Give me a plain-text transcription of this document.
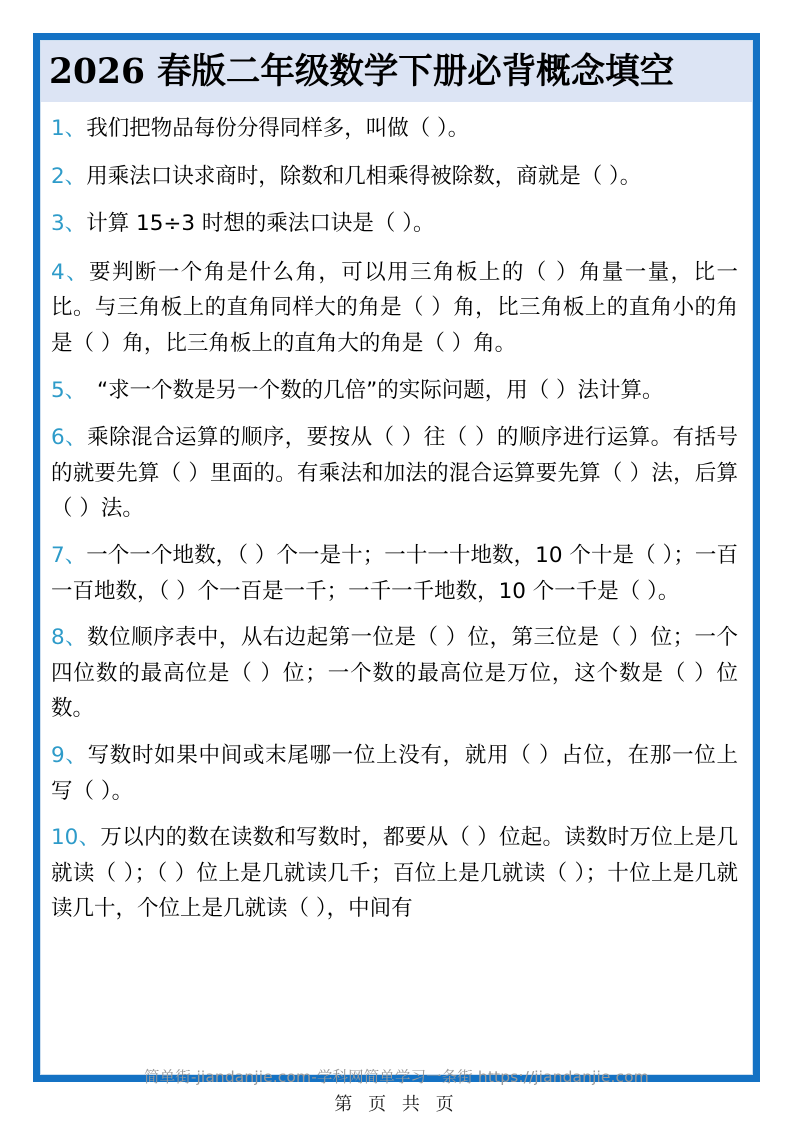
2026 春版二年级数学下册必背概念填空

1、我们把物品每份分得同样多，叫做（ ）。

2、用乘法口诀求商时，除数和几相乘得被除数，商就是（ ）。

3、计算 15÷3 时想的乘法口诀是（ ）。

4、要判断一个角是什么角，可以用三角板上的（ ）角量一量，比一比。与三角板上的直角同样大的角是（ ）角，比三角板上的直角小的角是（ ）角，比三角板上的直角大的角是（ ）角。

5、　“求一个数是另一个数的几倍”的实际问题，用（ ）法计算。

6、乘除混合运算的顺序，要按从（ ）往（ ）的顺序进行运算。有括号的就要先算（ ）里面的。有乘法和加法的混合运算要先算（ ）法，后算（ ）法。

7、一个一个地数，（ ）个一是十；一十一十地数，10 个十是（ ）；一百一百地数，（ ）个一百是一千；一千一千地数，10 个一千是（ ）。

8、数位顺序表中，从右边起第一位是（ ）位，第三位是（ ）位；一个四位数的最高位是（ ）位；一个数的最高位是万位，这个数是（ ）位数。

9、写数时如果中间或末尾哪一位上没有，就用（ ）占位，在那一位上写（ ）。

10、万以内的数在读数和写数时，都要从（ ）位起。读数时万位上是几就读（ ）；（ ）位上是几就读几千；百位上是几就读（ ）；十位上是几就读几十，个位上是几就读（ ），中间有

简单街-jiandanjie.com-学科网简单学习一条街 https://jiandanjie.com
第 页 共 页
